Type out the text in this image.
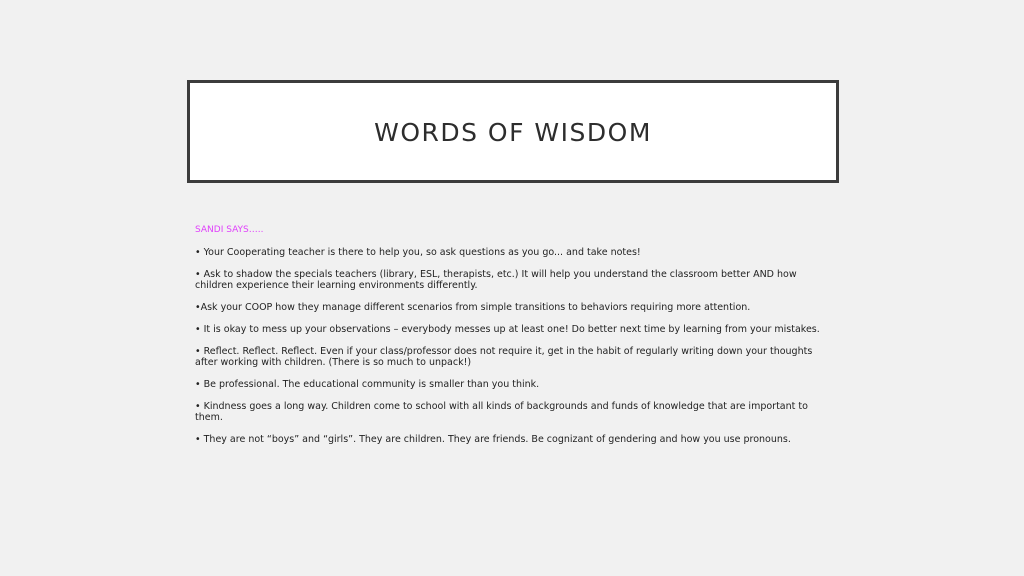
WORDS OF WISDOM

SANDI SAYS…..

• Your Cooperating teacher is there to help you, so ask questions as you go... and take notes!

• Ask to shadow the specials teachers (library, ESL, therapists, etc.) It will help you understand the classroom better AND how children experience their learning environments differently.

•Ask your COOP how they manage different scenarios from simple transitions to behaviors requiring more attention.

• It is okay to mess up your observations – everybody messes up at least one! Do better next time by learning from your mistakes.

• Reflect. Reflect. Reflect. Even if your class/professor does not require it, get in the habit of regularly writing down your thoughts after working with children. (There is so much to unpack!)

• Be professional. The educational community is smaller than you think.

• Kindness goes a long way. Children come to school with all kinds of backgrounds and funds of knowledge that are important to them.

• They are not “boys” and “girls”. They are children. They are friends. Be cognizant of gendering and how you use pronouns.
